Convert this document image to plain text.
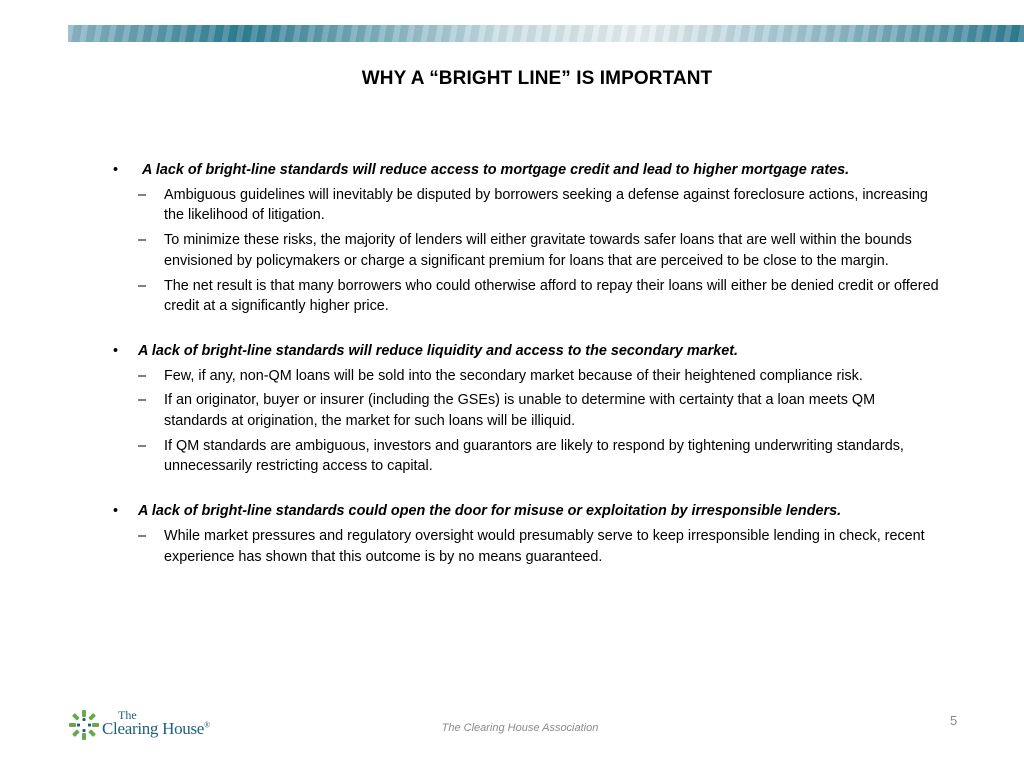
WHY A “BRIGHT LINE” IS IMPORTANT
• A lack of bright-line standards will reduce access to mortgage credit and lead to higher mortgage rates.
– Ambiguous guidelines will inevitably be disputed by borrowers seeking a defense against foreclosure actions, increasing the likelihood of litigation.
– To minimize these risks, the majority of lenders will either gravitate towards safer loans that are well within the bounds envisioned by policymakers or charge a significant premium for loans that are perceived to be close to the margin.
– The net result is that many borrowers who could otherwise afford to repay their loans will either be denied credit or offered credit at a significantly higher price.
• A lack of bright-line standards will reduce liquidity and access to the secondary market.
– Few, if any, non-QM loans will be sold into the secondary market because of their heightened compliance risk.
– If an originator, buyer or insurer (including the GSEs) is unable to determine with certainty that a loan meets QM standards at origination, the market for such loans will be illiquid.
– If QM standards are ambiguous, investors and guarantors are likely to respond by tightening underwriting standards, unnecessarily restricting access to capital.
• A lack of bright-line standards could open the door for misuse or exploitation by irresponsible lenders.
– While market pressures and regulatory oversight would presumably serve to keep irresponsible lending in check, recent experience has shown that this outcome is by no means guaranteed.
The
Clearing House®	The Clearing House Association	5
